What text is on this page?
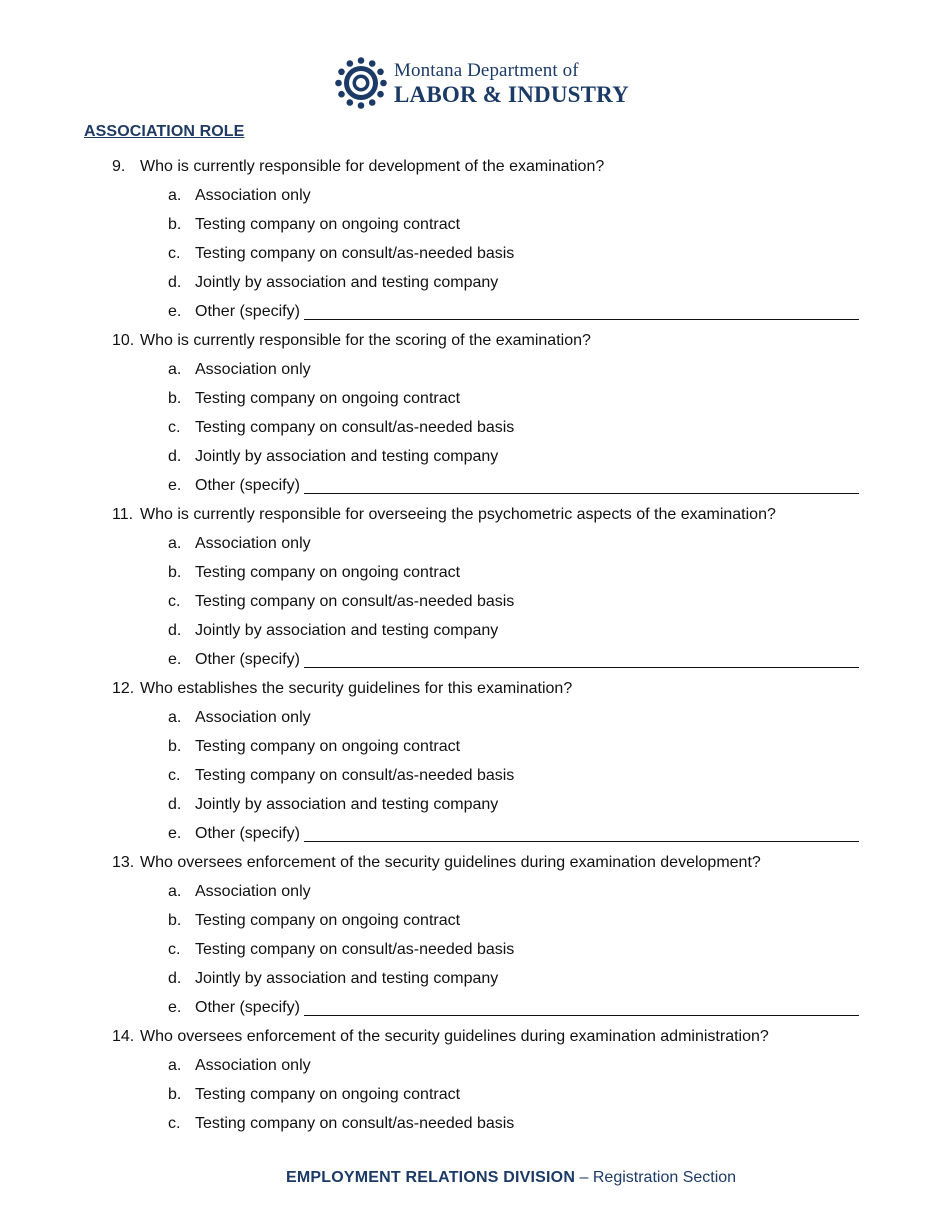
Montana Department of
LABOR & INDUSTRY
ASSOCIATION ROLE
9. Who is currently responsible for development of the examination?
a. Association only
b. Testing company on ongoing contract
c. Testing company on consult/as-needed basis
d. Jointly by association and testing company
e. Other (specify)
10. Who is currently responsible for the scoring of the examination?
a. Association only
b. Testing company on ongoing contract
c. Testing company on consult/as-needed basis
d. Jointly by association and testing company
e. Other (specify)
11. Who is currently responsible for overseeing the psychometric aspects of the examination?
a. Association only
b. Testing company on ongoing contract
c. Testing company on consult/as-needed basis
d. Jointly by association and testing company
e. Other (specify)
12. Who establishes the security guidelines for this examination?
a. Association only
b. Testing company on ongoing contract
c. Testing company on consult/as-needed basis
d. Jointly by association and testing company
e. Other (specify)
13. Who oversees enforcement of the security guidelines during examination development?
a. Association only
b. Testing company on ongoing contract
c. Testing company on consult/as-needed basis
d. Jointly by association and testing company
e. Other (specify)
14. Who oversees enforcement of the security guidelines during examination administration?
a. Association only
b. Testing company on ongoing contract
c. Testing company on consult/as-needed basis
EMPLOYMENT RELATIONS DIVISION – Registration Section
